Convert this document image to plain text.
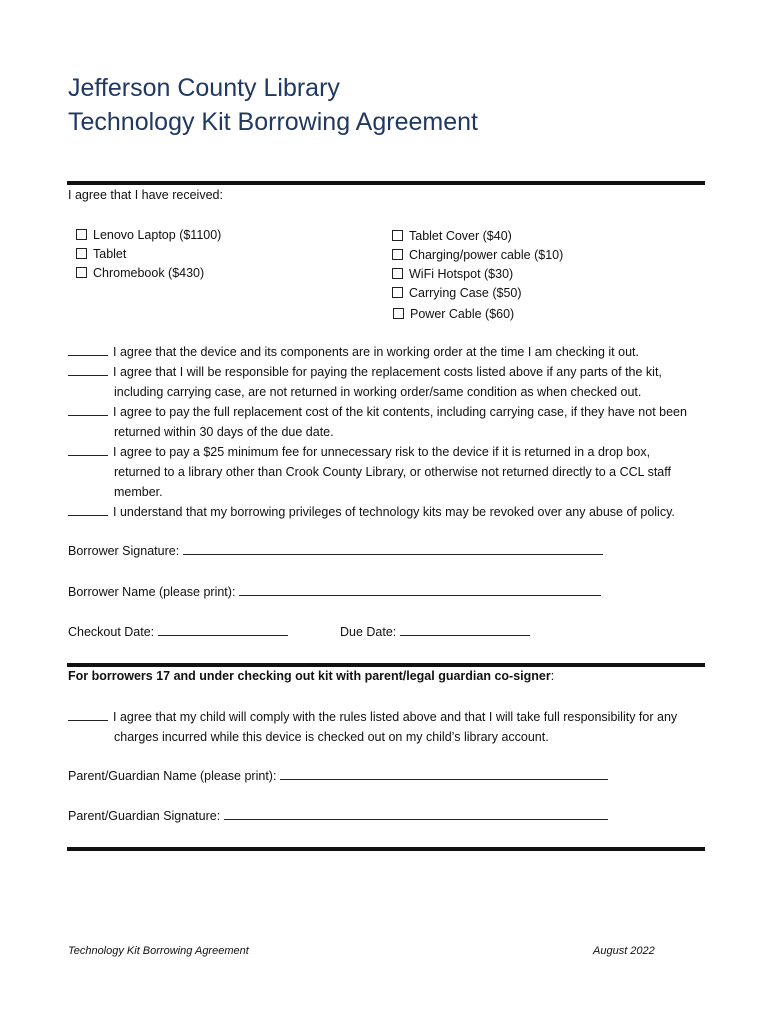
Jefferson County Library
Technology Kit Borrowing Agreement
I agree that I have received:
Lenovo Laptop ($1100)
Tablet
Chromebook ($430)
Tablet Cover ($40)
Charging/power cable ($10)
WiFi Hotspot ($30)
Carrying Case ($50)
Power Cable ($60)
I agree that the device and its components are in working order at the time I am checking it out.
I agree that I will be responsible for paying the replacement costs listed above if any parts of the kit,
including carrying case, are not returned in working order/same condition as when checked out.
I agree to pay the full replacement cost of the kit contents, including carrying case, if they have not been
returned within 30 days of the due date.
I agree to pay a $25 minimum fee for unnecessary risk to the device if it is returned in a drop box,
returned to a library other than Crook County Library, or otherwise not returned directly to a CCL staff
member.
I understand that my borrowing privileges of technology kits may be revoked over any abuse of policy.
Borrower Signature:
Borrower Name (please print):
Checkout Date:	Due Date:
For borrowers 17 and under checking out kit with parent/legal guardian co-signer:
I agree that my child will comply with the rules listed above and that I will take full responsibility for any
charges incurred while this device is checked out on my child’s library account.
Parent/Guardian Name (please print):
Parent/Guardian Signature:
Technology Kit Borrowing Agreement	August 2022
